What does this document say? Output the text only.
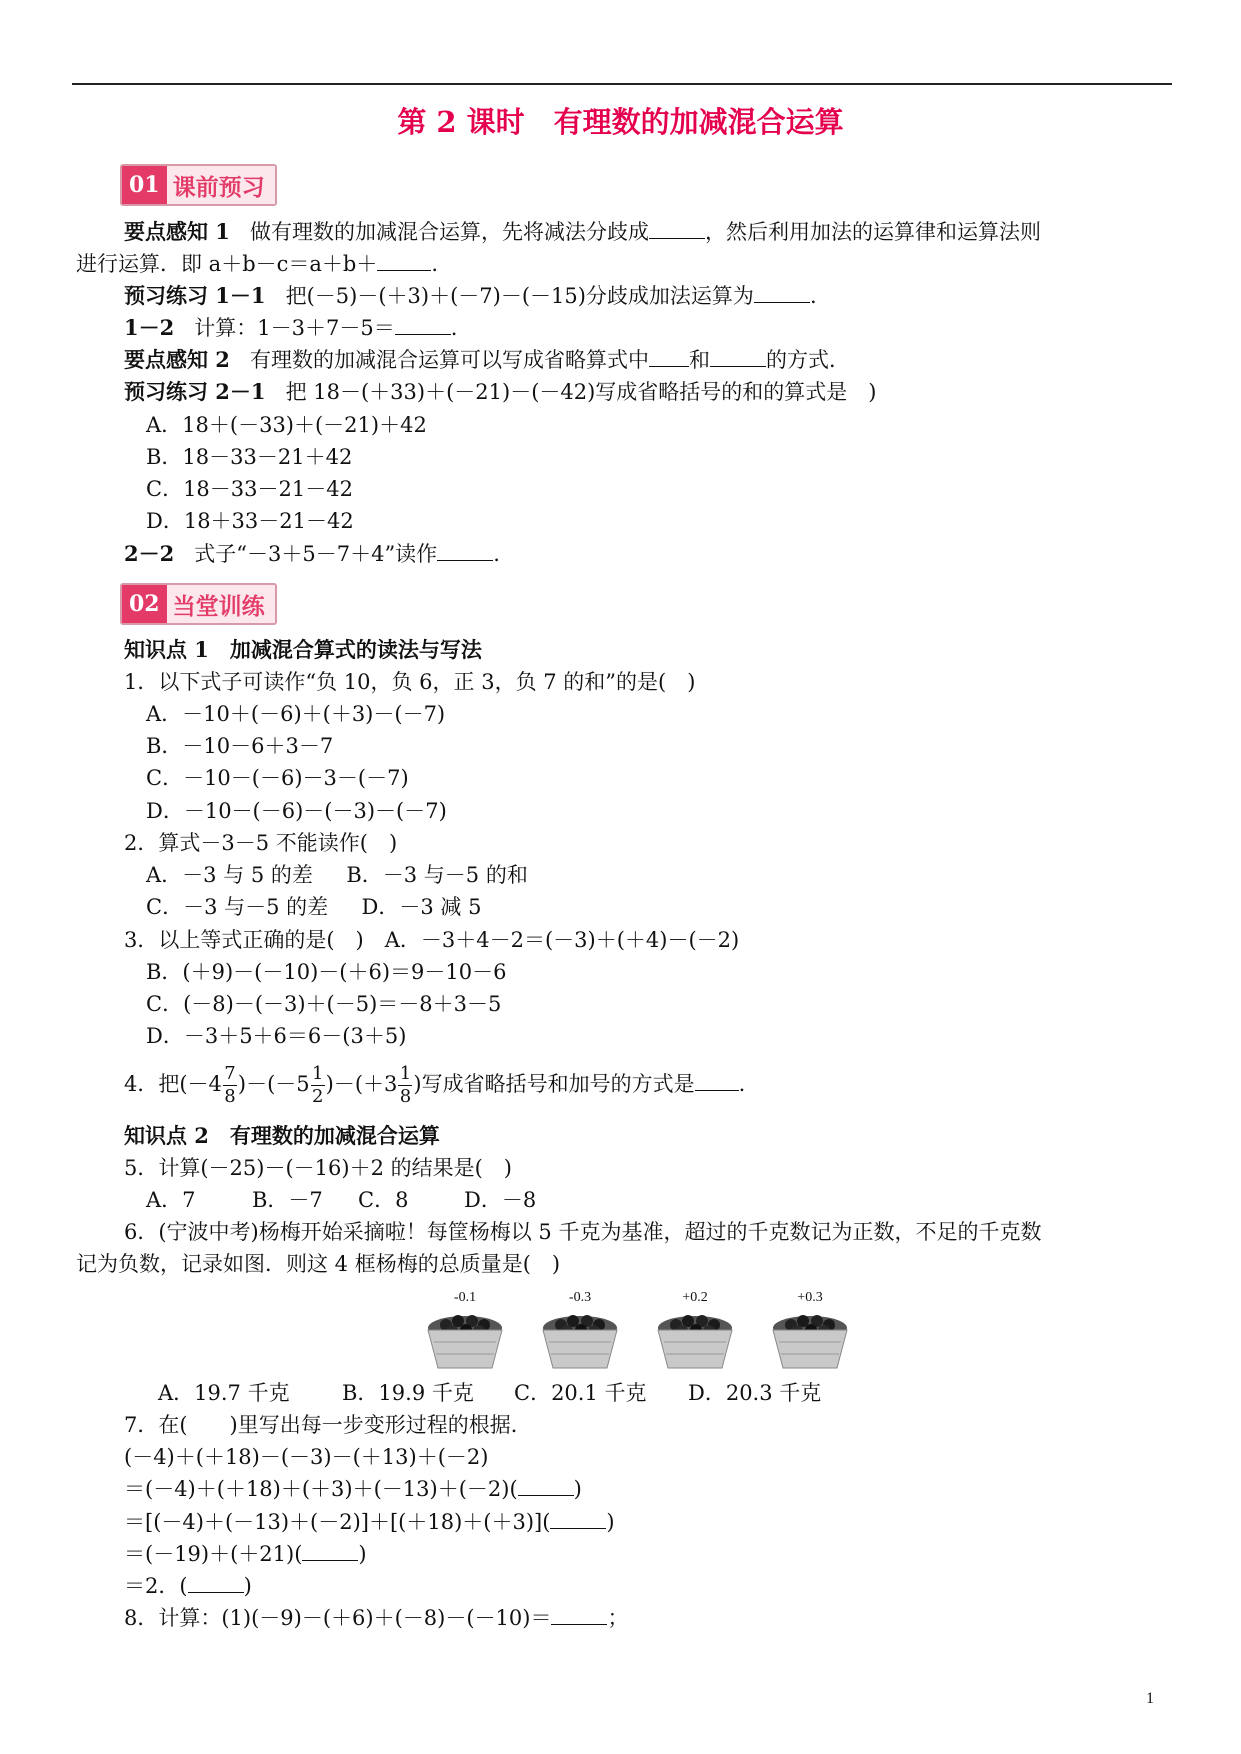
第 2 课时　有理数的加减混合运算
01 课前预习
要点感知 1 做有理数的加减混合运算，先将减法分歧成	，然后利用加法的运算律和运算法则
进行运算．即 a＋b－c＝a＋b＋	.
预习练习 1－1 把(－5)－(＋3)＋(－7)－(－15)分歧成加法运算为	.
1－2 计算：1－3＋7－5＝	.
要点感知 2 有理数的加减混合运算可以写成省略算式中 和	的方式．
预习练习 2－1 把 18－(＋33)＋(－21)－(－42)写成省略括号的和的算式是　)
A．18＋(－33)＋(－21)＋42
B．18－33－21＋42
C．18－33－21－42
D．18＋33－21－42
2－2 式子“－3＋5－7＋4”读作	.
02 当堂训练
知识点 1　加减混合算式的读法与写法
1．以下式子可读作“负 10，负 6，正 3，负 7 的和”的是(　)
A．－10＋(－6)＋(＋3)－(－7)
B．－10－6＋3－7
C．－10－(－6)－3－(－7)
D．－10－(－6)－(－3)－(－7)
2．算式－3－5 不能读作(　)
A．－3 与 5 的差 B．－3 与－5 的和
C．－3 与－5 的差 D．－3 减 5
3．以上等式正确的是(　)　A．－3＋4－2＝(－3)＋(＋4)－(－2)
B．(＋9)－(－10)－(＋6)＝9－10－6
C．(－8)－(－3)＋(－5)＝－8＋3－5
D．－3＋5＋6＝6－(3＋5)
4．把$(-4 \frac{7}{8} )-(-5 \frac{1}{2} )-(+3 \frac{1}{8}$ )写成省略括号和加号的方式是 .
知识点 2　有理数的加减混合运算
5．计算(－25)－(－16)＋2 的结果是(　)
A．7	B．－7 C．8	D．－8
6．(宁波中考)杨梅开始采摘啦！每筐杨梅以 5 千克为基准，超过的千克数记为正数，不足的千克数
记为负数，记录如图．则这 4 框杨梅的总质量是(　)
-0.1	-0.3	+0.2	+0.3
A．19.7 千克 B．19.9 千克 C．20.1 千克 D．20.3 千克
7．在(　　)里写出每一步变形过程的根据．
(－4)＋(＋18)－(－3)－(＋13)＋(－2)
＝(－4)＋(＋18)＋(＋3)＋(－13)＋(－2)(	)
＝[(－4)＋(－13)＋(－2)]＋[(＋18)＋(＋3)](	)
＝(－19)＋(＋21)(	)
＝2．(	)
8．计算：(1)(－9)－(＋6)＋(－8)－(－10)＝	；
1
